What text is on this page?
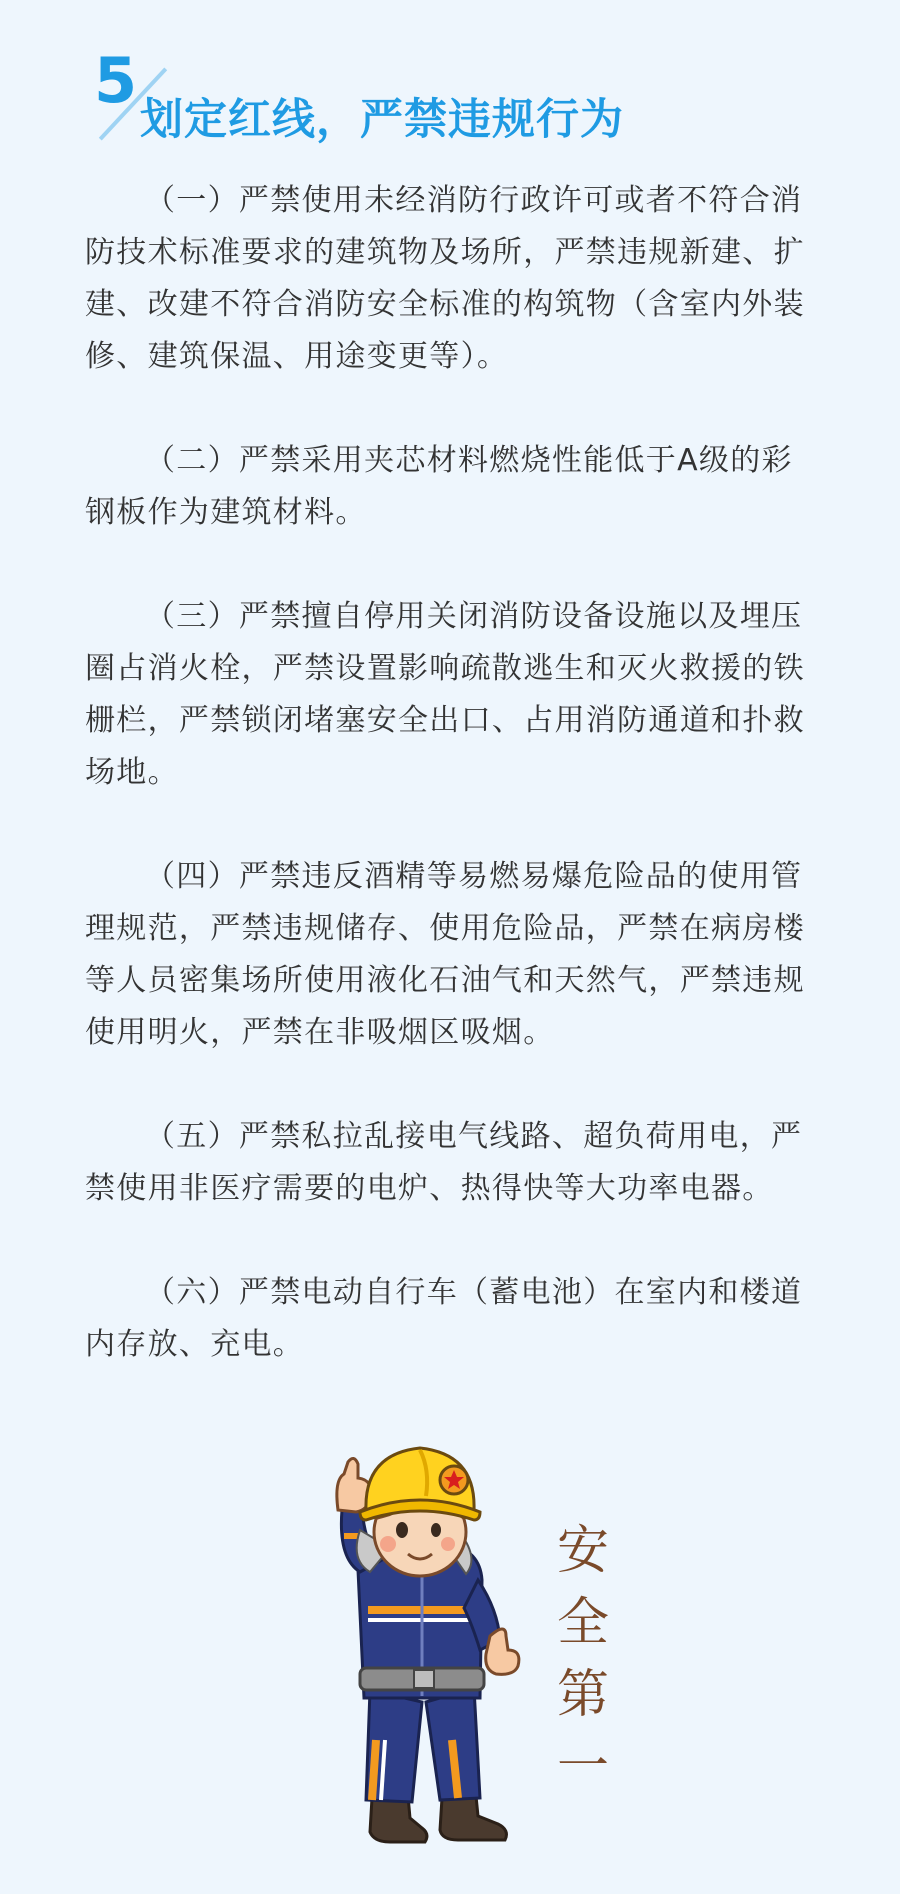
5
划定红线，严禁违规行为

（一）严禁使用未经消防行政许可或者不符合消防技术标准要求的建筑物及场所，严禁违规新建、扩建、改建不符合消防安全标准的构筑物（含室内外装修、建筑保温、用途变更等）。

（二）严禁采用夹芯材料燃烧性能低于A级的彩钢板作为建筑材料。

（三）严禁擅自停用关闭消防设备设施以及埋压圈占消火栓，严禁设置影响疏散逃生和灭火救援的铁栅栏，严禁锁闭堵塞安全出口、占用消防通道和扑救场地。

（四）严禁违反酒精等易燃易爆危险品的使用管理规范，严禁违规储存、使用危险品，严禁在病房楼等人员密集场所使用液化石油气和天然气，严禁违规使用明火，严禁在非吸烟区吸烟。

（五）严禁私拉乱接电气线路、超负荷用电，严禁使用非医疗需要的电炉、热得快等大功率电器。

（六）严禁电动自行车（蓄电池）在室内和楼道内存放、充电。

安
全
第
一
